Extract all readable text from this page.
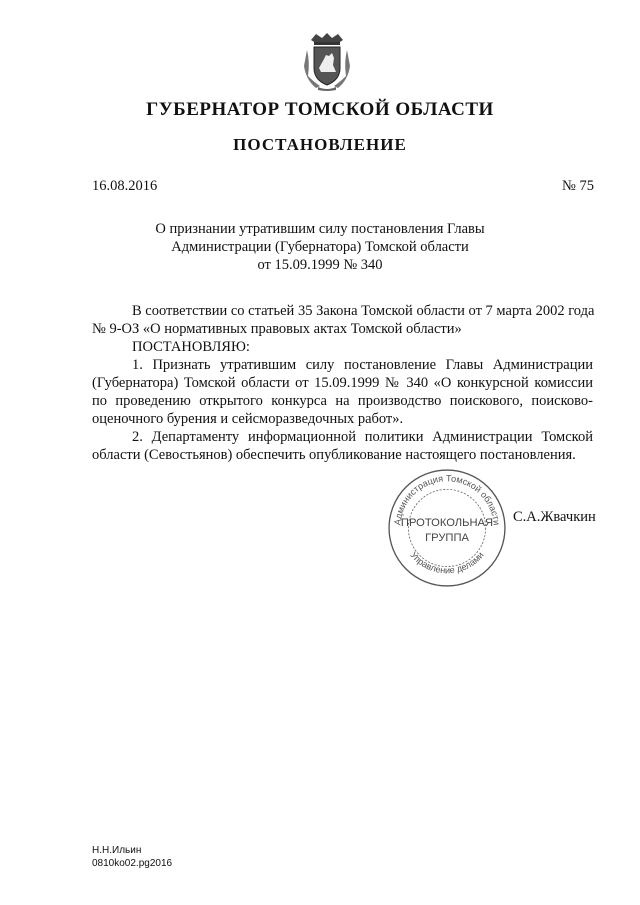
ГУБЕРНАТОР ТОМСКОЙ ОБЛАСТИ
ПОСТАНОВЛЕНИЕ
16.08.2016	№ 75
О признании утратившим силу постановления Главы
Администрации (Губернатора) Томской области
от 15.09.1999 № 340
В соответствии со статьей 35 Закона Томской области от 7 марта 2002 года
№ 9-ОЗ «О нормативных правовых актах Томской области»
ПОСТАНОВЛЯЮ:
1. Признать утратившим силу постановление Главы Администрации
(Губернатора) Томской области от 15.09.1999 № 340 «О конкурсной комиссии
по проведению открытого конкурса на производство поискового, поисково-
оценочного бурения и сейсморазведочных работ».
2. Департаменту информационной политики Администрации Томской
области (Севостьянов) обеспечить опубликование настоящего постановления.
Администрация Томской области
Управление делами
ПРОТОКОЛЬНАЯ
ГРУППА
С.А.Жвачкин
Н.Н.Ильин
0810ko02.pg2016
